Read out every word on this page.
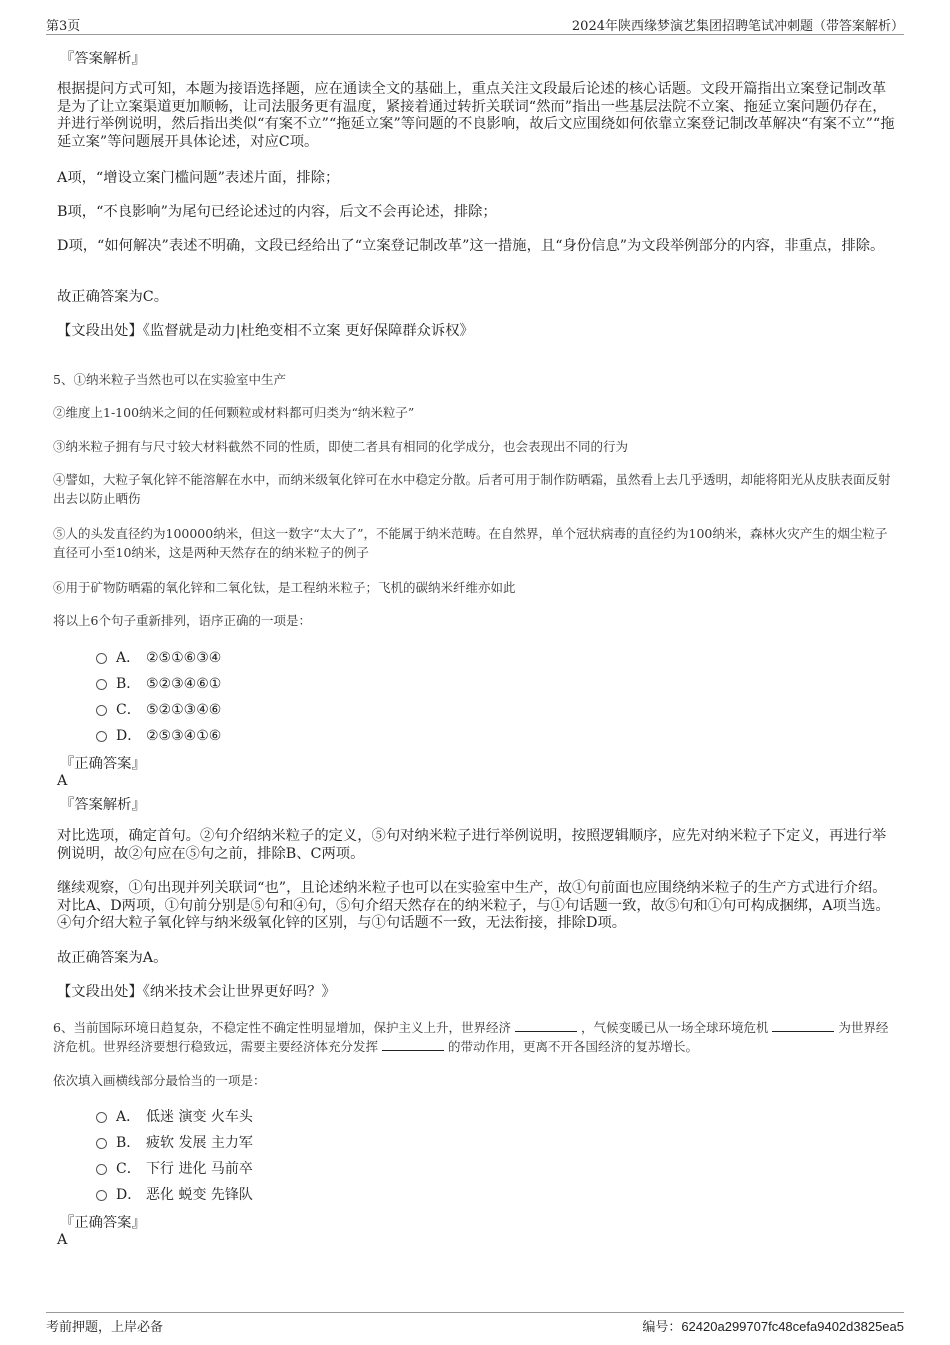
第3页	2024年陕西缘梦演艺集团招聘笔试冲刺题（带答案解析）
『答案解析』
根据提问方式可知，本题为接语选择题，应在通读全文的基础上，重点关注文段最后论述的核心话题。文段开篇指出立案登记制改革是为了让立案渠道更加顺畅，让司法服务更有温度，紧接着通过转折关联词“然而”指出一些基层法院不立案、拖延立案问题仍存在，并进行举例说明，然后指出类似“有案不立”“拖延立案”等问题的不良影响，故后文应围绕如何依靠立案登记制改革解决“有案不立”“拖延立案”等问题展开具体论述，对应C项。
A项，“增设立案门槛问题”表述片面，排除；
B项，“不良影响”为尾句已经论述过的内容，后文不会再论述，排除；
D项，“如何解决”表述不明确，文段已经给出了“立案登记制改革”这一措施，且“身份信息”为文段举例部分的内容，非重点，排除。
故正确答案为C。
【文段出处】《监督就是动力|杜绝变相不立案 更好保障群众诉权》
5、①纳米粒子当然也可以在实验室中生产
②维度上1-100纳米之间的任何颗粒或材料都可归类为“纳米粒子”
③纳米粒子拥有与尺寸较大材料截然不同的性质，即使二者具有相同的化学成分，也会表现出不同的行为
④譬如，大粒子氧化锌不能溶解在水中，而纳米级氧化锌可在水中稳定分散。后者可用于制作防晒霜，虽然看上去几乎透明，却能将阳光从皮肤表面反射出去以防止晒伤
⑤人的头发直径约为100000纳米，但这一数字“太大了”，不能属于纳米范畴。在自然界，单个冠状病毒的直径约为100纳米，森林火灾产生的烟尘粒子直径可小至10纳米，这是两种天然存在的纳米粒子的例子
⑥用于矿物防晒霜的氧化锌和二氧化钛，是工程纳米粒子；飞机的碳纳米纤维亦如此
将以上6个句子重新排列，语序正确的一项是：
A． ②⑤①⑥③④
B． ⑤②③④⑥①
C． ⑤②①③④⑥
D． ②⑤③④①⑥
『正确答案』
A
『答案解析』
对比选项，确定首句。②句介绍纳米粒子的定义，⑤句对纳米粒子进行举例说明，按照逻辑顺序，应先对纳米粒子下定义，再进行举例说明，故②句应在⑤句之前，排除B、C两项。
继续观察，①句出现并列关联词“也”，且论述纳米粒子也可以在实验室中生产，故①句前面也应围绕纳米粒子的生产方式进行介绍。对比A、D两项，①句前分别是⑤句和④句，⑤句介绍天然存在的纳米粒子，与①句话题一致，故⑤句和①句可构成捆绑，A项当选。④句介绍大粒子氧化锌与纳米级氧化锌的区别，与①句话题不一致，无法衔接，排除D项。
故正确答案为A。
【文段出处】《纳米技术会让世界更好吗？》
6、当前国际环境日趋复杂，不稳定性不确定性明显增加，保护主义上升，世界经济	，气候变暖已从一场全球环境危机	为世界经济危机。世界经济要想行稳致远，需要主要经济体充分发挥	的带动作用，更离不开各国经济的复苏增长。
依次填入画横线部分最恰当的一项是：
A． 低迷 演变 火车头
B． 疲软 发展 主力军
C． 下行 进化 马前卒
D． 恶化 蜕变 先锋队
『正确答案』
A
考前押题，上岸必备	编号：62420a299707fc48cefa9402d3825ea5
